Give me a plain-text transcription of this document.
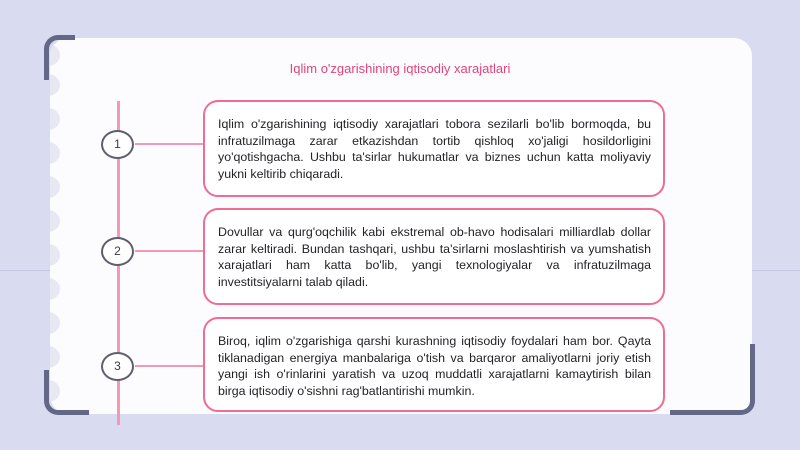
Iqlim o'zgarishining iqtisodiy xarajatlari
1
2
3
Iqlim o'zgarishining iqtisodiy xarajatlari tobora sezilarli bo'lib bormoqda, bu infratuzilmaga zarar etkazishdan tortib qishloq xo'jaligi hosildorligini yo'qotishgacha. Ushbu ta'sirlar hukumatlar va biznes uchun katta moliyaviy yukni keltirib chiqaradi.
Dovullar va qurg'oqchilik kabi ekstremal ob-havo hodisalari milliardlab dollar zarar keltiradi. Bundan tashqari, ushbu ta'sirlarni moslashtirish va yumshatish xarajatlari ham katta bo'lib, yangi texnologiyalar va infratuzilmaga investitsiyalarni talab qiladi.
Biroq, iqlim o'zgarishiga qarshi kurashning iqtisodiy foydalari ham bor. Qayta tiklanadigan energiya manbalariga o'tish va barqaror amaliyotlarni joriy etish yangi ish o'rinlarini yaratish va uzoq muddatli xarajatlarni kamaytirish bilan birga iqtisodiy o'sishni rag'batlantirishi mumkin.
